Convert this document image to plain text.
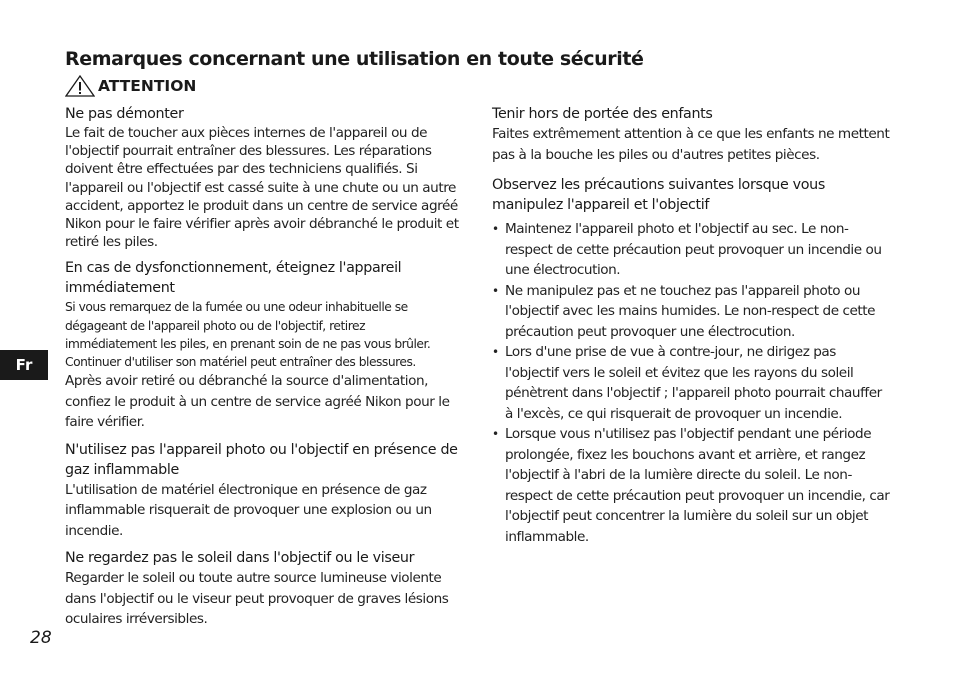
Remarques concernant une utilisation en toute sécurité
ATTENTION

Ne pas démonter

Le fait de toucher aux pièces internes de l'appareil ou de l'objectif pourrait entraîner des blessures. Les réparations doivent être effectuées par des techniciens qualifiés. Si l'appareil ou l'objectif est cassé suite à une chute ou un autre accident, apportez le produit dans un centre de service agréé Nikon pour le faire vérifier après avoir débranché le produit et retiré les piles.

En cas de dysfonctionnement, éteignez l'appareil immédiatement

Si vous remarquez de la fumée ou une odeur inhabituelle se dégageant de l'appareil photo ou de l'objectif, retirez immédiatement les piles, en prenant soin de ne pas vous brûler. Continuer d'utiliser son matériel peut entraîner des blessures.

Après avoir retiré ou débranché la source d'alimentation, confiez le produit à un centre de service agréé Nikon pour le faire vérifier.

N'utilisez pas l'appareil photo ou l'objectif en présence de gaz inflammable

L'utilisation de matériel électronique en présence de gaz inflammable risquerait de provoquer une explosion ou un incendie.

Ne regardez pas le soleil dans l'objectif ou le viseur

Regarder le soleil ou toute autre source lumineuse violente dans l'objectif ou le viseur peut provoquer de graves lésions oculaires irréversibles.

Tenir hors de portée des enfants

Faites extrêmement attention à ce que les enfants ne mettent pas à la bouche les piles ou d'autres petites pièces.

Observez les précautions suivantes lorsque vous manipulez l'appareil et l'objectif

• Maintenez l'appareil photo et l'objectif au sec. Le non-respect de cette précaution peut provoquer un incendie ou une électrocution.
• Ne manipulez pas et ne touchez pas l'appareil photo ou l'objectif avec les mains humides. Le non-respect de cette précaution peut provoquer une électrocution.
• Lors d'une prise de vue à contre-jour, ne dirigez pas l'objectif vers le soleil et évitez que les rayons du soleil pénètrent dans l'objectif ; l'appareil photo pourrait chauffer à l'excès, ce qui risquerait de provoquer un incendie.
• Lorsque vous n'utilisez pas l'objectif pendant une période prolongée, fixez les bouchons avant et arrière, et rangez l'objectif à l'abri de la lumière directe du soleil. Le non-respect de cette précaution peut provoquer un incendie, car l'objectif peut concentrer la lumière du soleil sur un objet inflammable.
Fr
28
